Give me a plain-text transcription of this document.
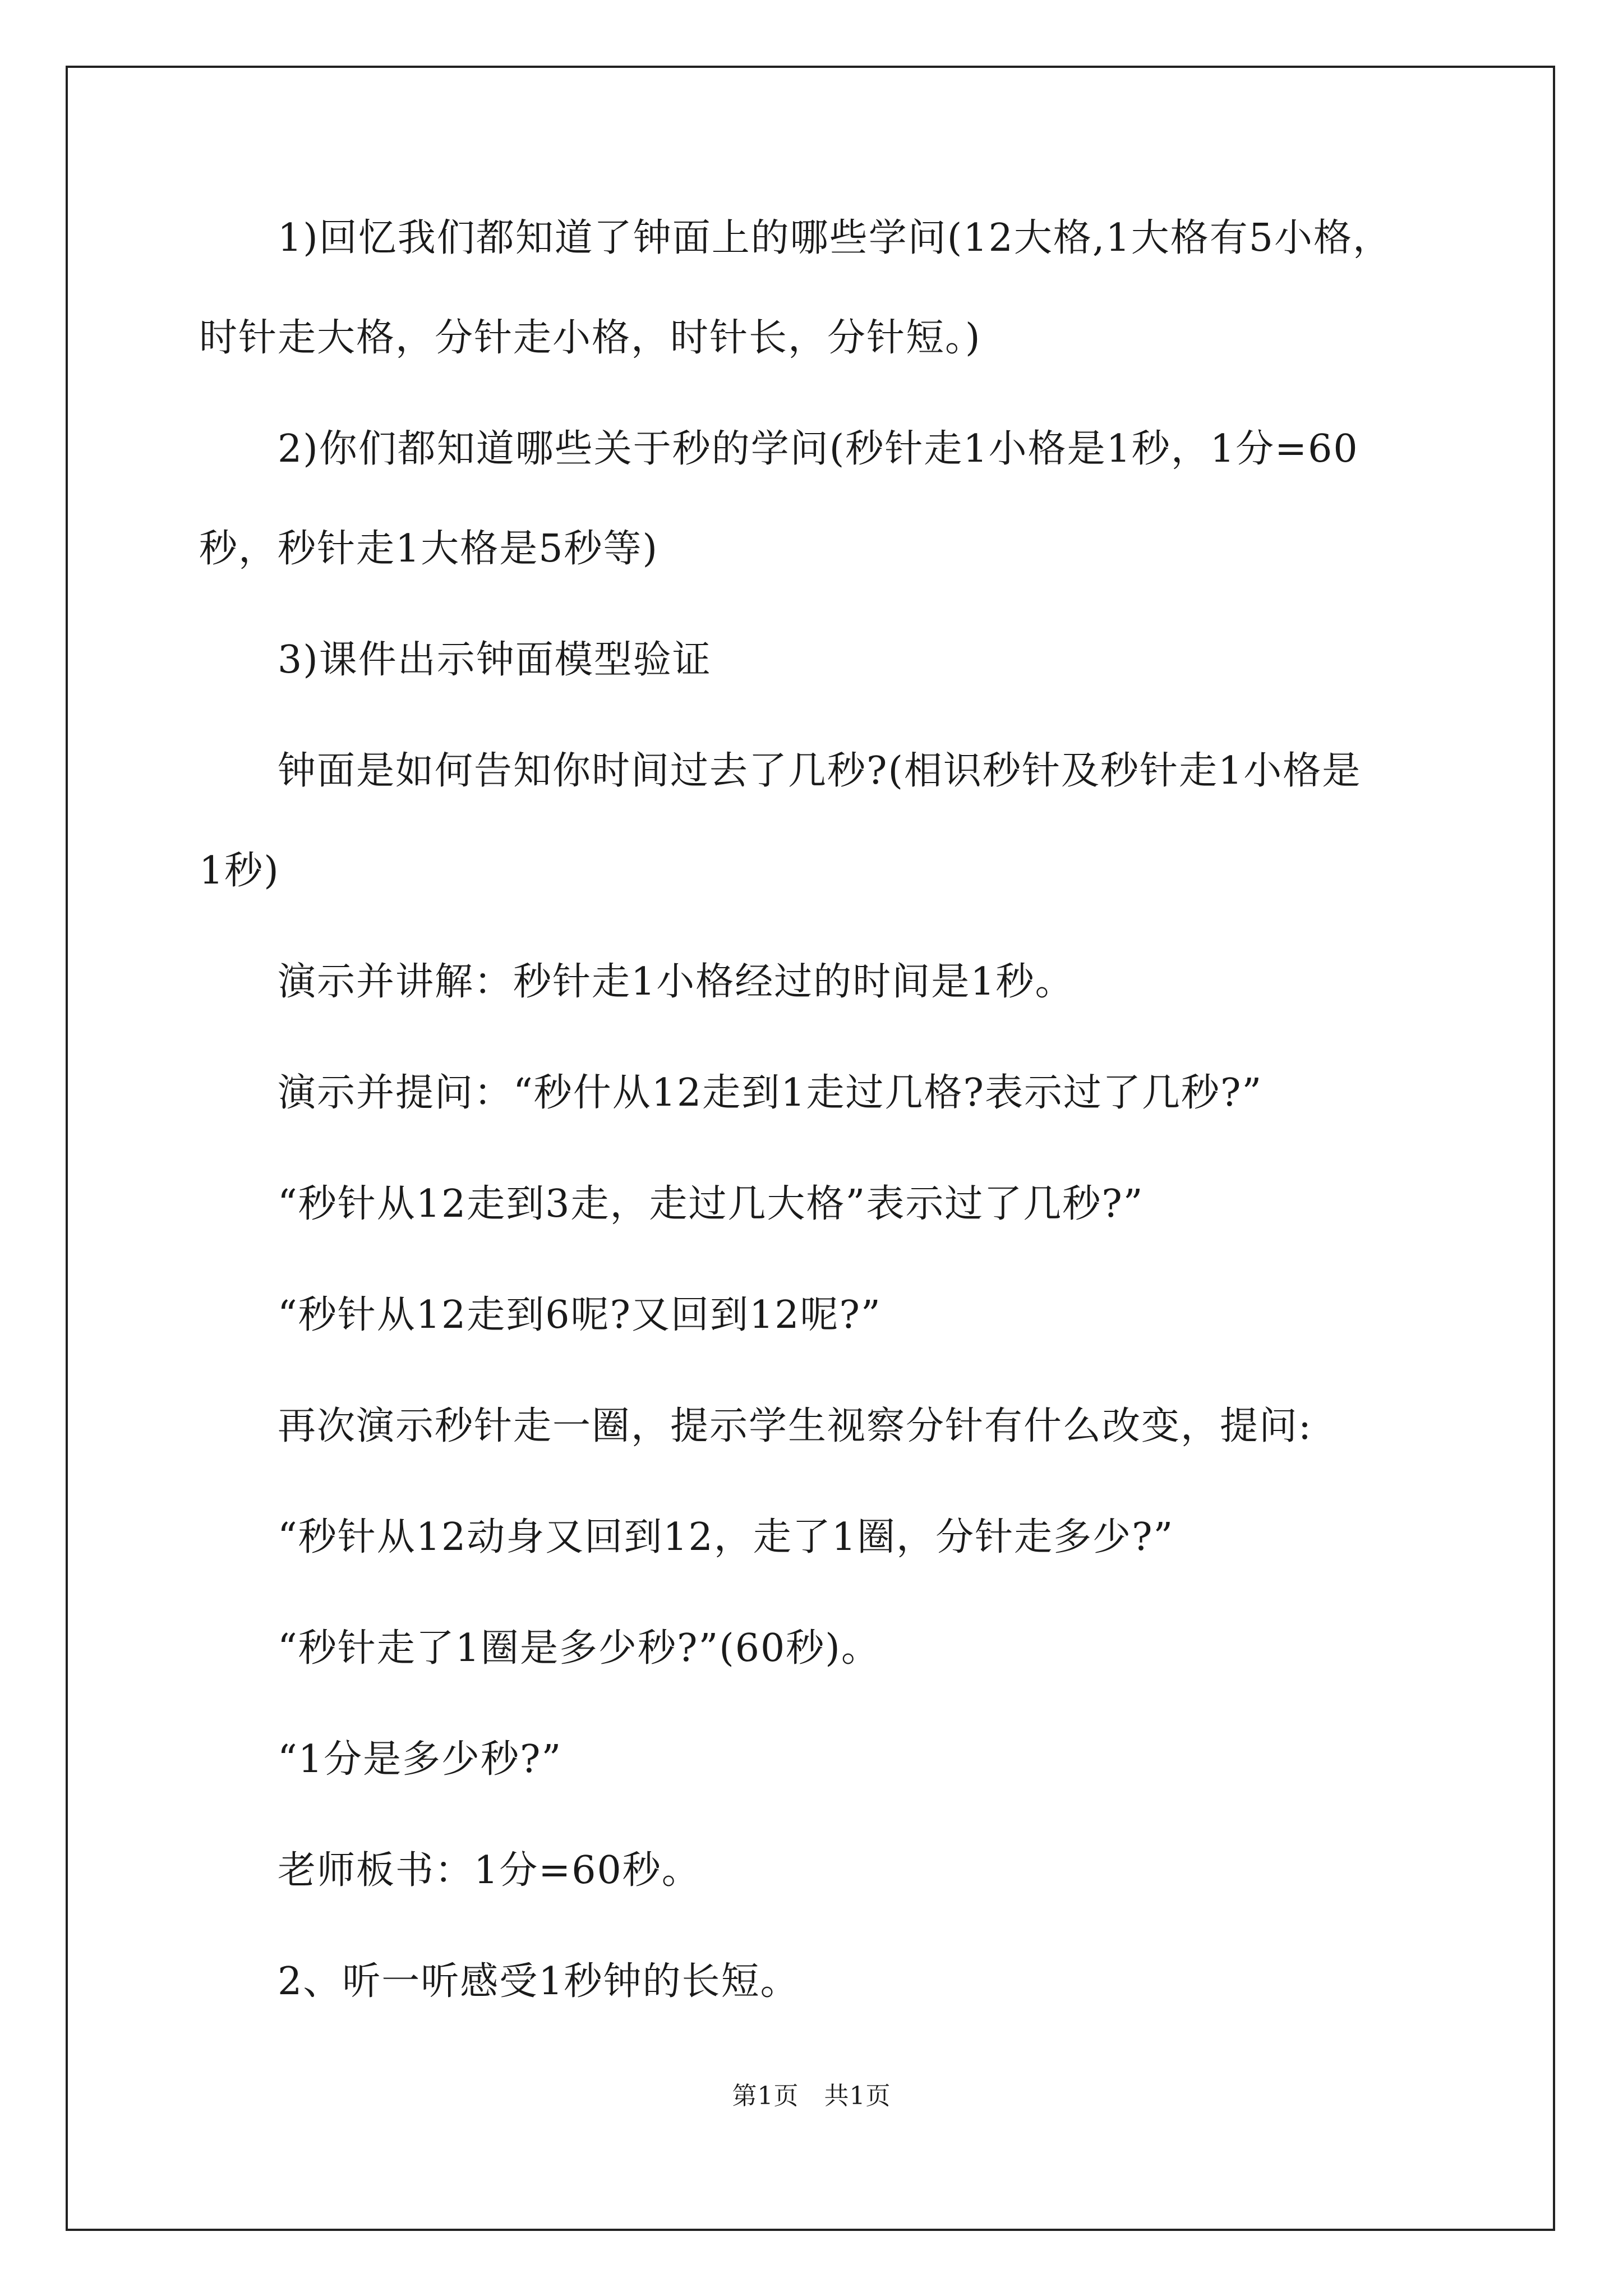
1)回忆我们都知道了钟面上的哪些学问(12大格,1大格有5小格，
时针走大格，分针走小格，时针长，分针短。)
2)你们都知道哪些关于秒的学问(秒针走1小格是1秒，1分=60
秒，秒针走1大格是5秒等)
3)课件出示钟面模型验证
钟面是如何告知你时间过去了几秒?(相识秒针及秒针走1小格是
1秒)
演示并讲解：秒针走1小格经过的时间是1秒。
演示并提问：“秒什从12走到1走过几格?表示过了几秒?”
“秒针从12走到3走，走过几大格”表示过了几秒?”
“秒针从12走到6呢?又回到12呢?”
再次演示秒针走一圈，提示学生视察分针有什么改变，提问:
“秒针从12动身又回到12，走了1圈，分针走多少?”
“秒针走了1圈是多少秒?”(60秒)。
“1分是多少秒?”
老师板书：1分=60秒。
2、听一听感受1秒钟的长短。
第1页　共1页
